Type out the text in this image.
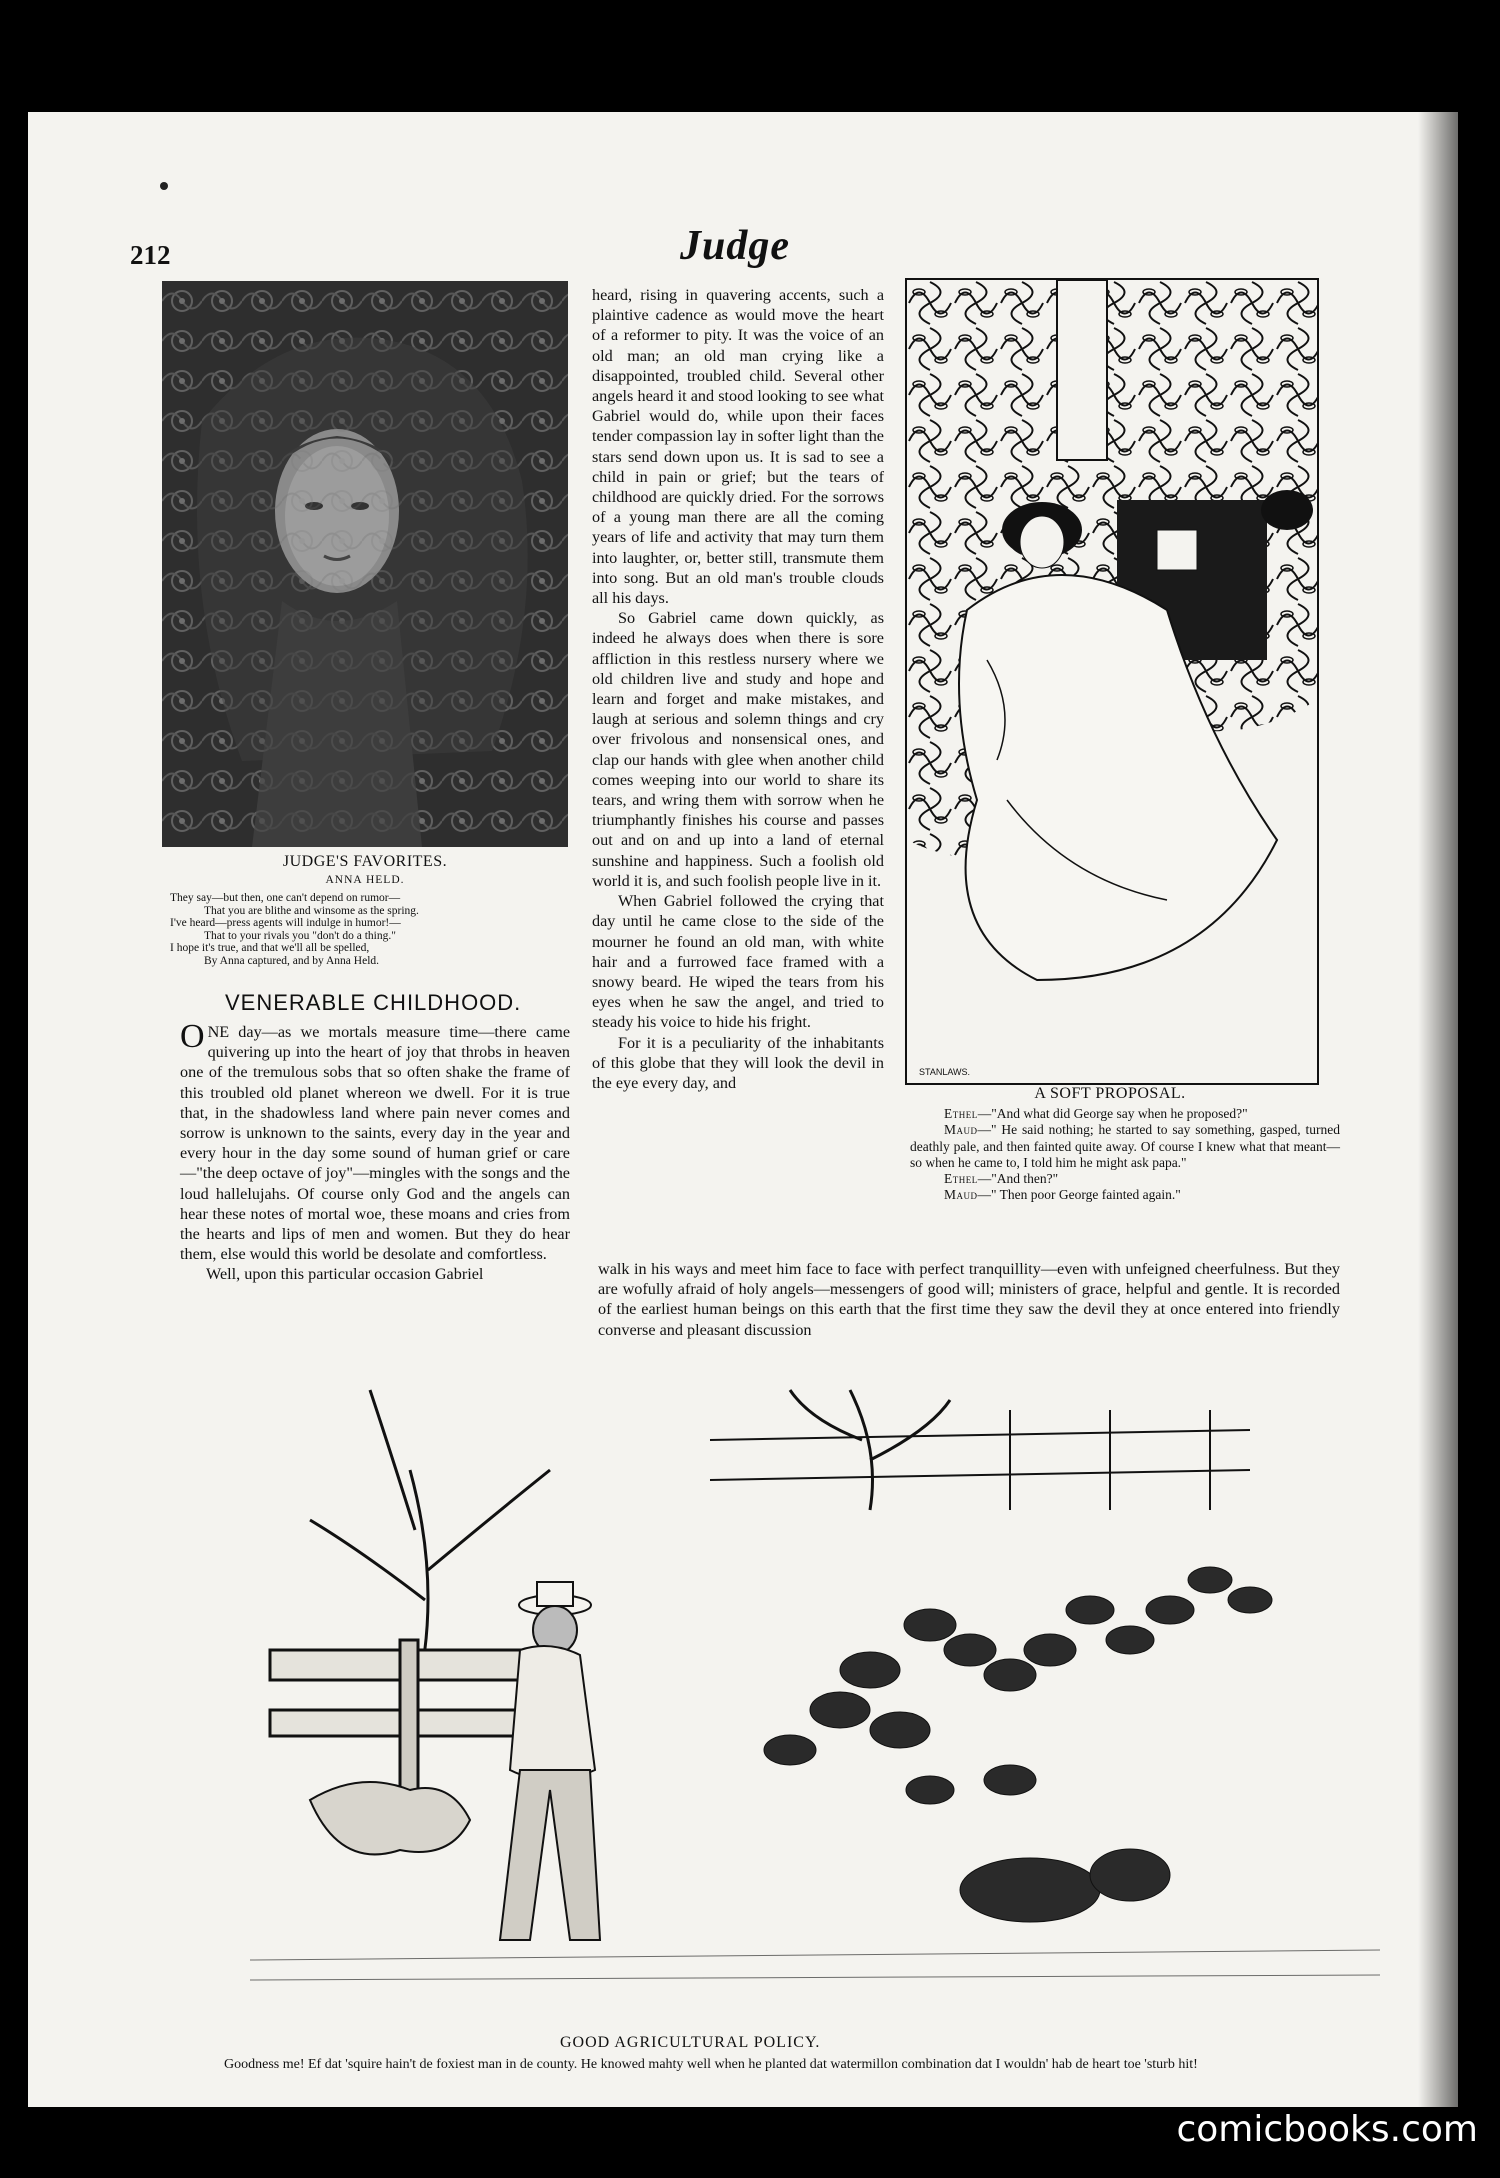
212	Judge
JUDGE'S FAVORITES.
ANNA HELD.
They say—but then, one can't depend on rumor—
That you are blithe and winsome as the spring.
I've heard—press agents will indulge in humor!—
That to your rivals you "don't do a thing."
I hope it's true, and that we'll all be spelled,
By Anna captured, and by Anna Held.
VENERABLE CHILDHOOD.

ONE day—as we mortals measure time—there came quivering up into the heart of joy that throbs in heaven one of the tremulous sobs that so often shake the frame of this troubled old planet whereon we dwell. For it is true that, in the shadowless land where pain never comes and sorrow is unknown to the saints, every day in the year and every hour in the day some sound of human grief or care—"the deep octave of joy"—mingles with the songs and the loud hallelujahs. Of course only God and the angels can hear these notes of mortal woe, these moans and cries from the hearts and lips of men and women. But they do hear them, else would this world be desolate and comfortless.

Well, upon this particular occasion Gabriel

heard, rising in quavering accents, such a plaintive cadence as would move the heart of a reformer to pity. It was the voice of an old man; an old man crying like a disappointed, troubled child. Several other angels heard it and stood looking to see what Gabriel would do, while upon their faces tender compassion lay in softer light than the stars send down upon us. It is sad to see a child in pain or grief; but the tears of childhood are quickly dried. For the sorrows of a young man there are all the coming years of life and activity that may turn them into laughter, or, better still, transmute them into song. But an old man's trouble clouds all his days.

So Gabriel came down quickly, as indeed he always does when there is sore affliction in this restless nursery where we old children live and study and hope and learn and forget and make mistakes, and laugh at serious and solemn things and cry over frivolous and nonsensical ones, and clap our hands with glee when another child comes weeping into our world to share its tears, and wring them with sorrow when he triumphantly finishes his course and passes out and on and up into a land of eternal sunshine and happiness. Such a foolish old world it is, and such foolish people live in it.

When Gabriel followed the crying that day until he came close to the side of the mourner he found an old man, with white hair and a furrowed face framed with a snowy beard. He wiped the tears from his eyes when he saw the angel, and tried to steady his voice to hide his fright.

For it is a peculiarity of the inhabitants of this globe that they will look the devil in the eye every day, and

STANLAWS.
A SOFT PROPOSAL.

Ethel—"And what did George say when he proposed?"

Maud—" He said nothing; he started to say something, gasped, turned deathly pale, and then fainted quite away. Of course I knew what that meant—so when he came to, I told him he might ask papa."

Ethel—"And then?"

Maud—" Then poor George fainted again."

walk in his ways and meet him face to face with perfect tranquillity—even with unfeigned cheerfulness. But they are wofully afraid of holy angels—messengers of good will; ministers of grace, helpful and gentle. It is recorded of the earliest human beings on this earth that the first time they saw the devil they at once entered into friendly converse and pleasant discussion

GOOD AGRICULTURAL POLICY.
Goodness me! Ef dat 'squire hain't de foxiest man in de county. He knowed mahty well when he planted dat watermillon combination dat I wouldn' hab de heart toe 'sturb hit!
comicbooks.com
